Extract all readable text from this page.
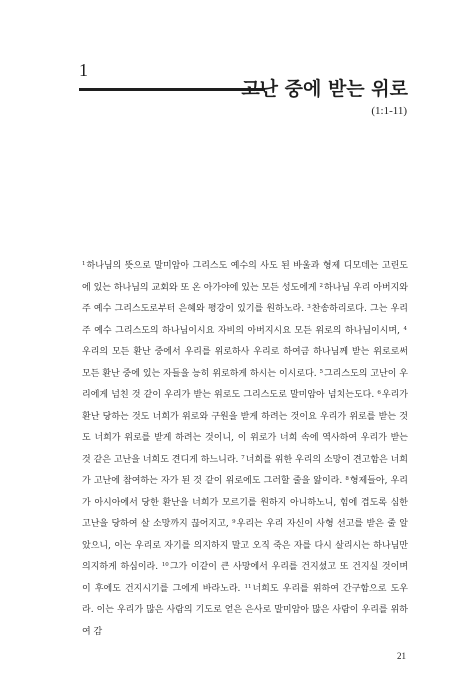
1
고난 중에 받는 위로
(1:1-11)

$^1$하나님의 뜻으로 말미암아 그리스도 예수의 사도 된 바울과 형제 디모데는 고린도에 있는 하나님의 교회와 또 온 아가야에 있는 모든 성도에게 $^2$하나님 우리 아버지와 주 예수 그리스도로부터 은혜와 평강이 있기를 원하노라. $^3$찬송하리로다. 그는 우리 주 예수 그리스도의 하나님이시요 자비의 아버지시요 모든 위로의 하나님이시며, $^4$우리의 모든 환난 중에서 우리를 위로하사 우리로 하여금 하나님께 받는 위로로써 모든 환난 중에 있는 자들을 능히 위로하게 하시는 이시로다. $^5$그리스도의 고난이 우리에게 넘친 것 같이 우리가 받는 위로도 그리스도로 말미암아 넘치는도다. $^6$우리가 환난 당하는 것도 너희가 위로와 구원을 받게 하려는 것이요 우리가 위로를 받는 것도 너희가 위로를 받게 하려는 것이니, 이 위로가 너희 속에 역사하여 우리가 받는 것 같은 고난을 너희도 견디게 하느니라. $^7$너희를 위한 우리의 소망이 견고함은 너희가 고난에 참여하는 자가 된 것 같이 위로에도 그러할 줄을 앎이라. $^8$형제들아, 우리가 아시아에서 당한 환난을 너희가 모르기를 원하지 아니하노니, 힘에 겹도록 심한 고난을 당하여 살 소망까지 끊어지고, $^9$우리는 우리 자신이 사형 선고를 받은 줄 알았으니, 이는 우리로 자기를 의지하지 말고 오직 죽은 자를 다시 살리시는 하나님만 의지하게 하심이라. $^{10}$그가 이같이 큰 사망에서 우리를 건지셨고 또 건지실 것이며 이 후에도 건지시기를 그에게 바라노라. $^{11}$너희도 우리를 위하여 간구함으로 도우라. 이는 우리가 많은 사람의 기도로 얻은 은사로 말미암아 많은 사람이 우리를 위하여 감

21
